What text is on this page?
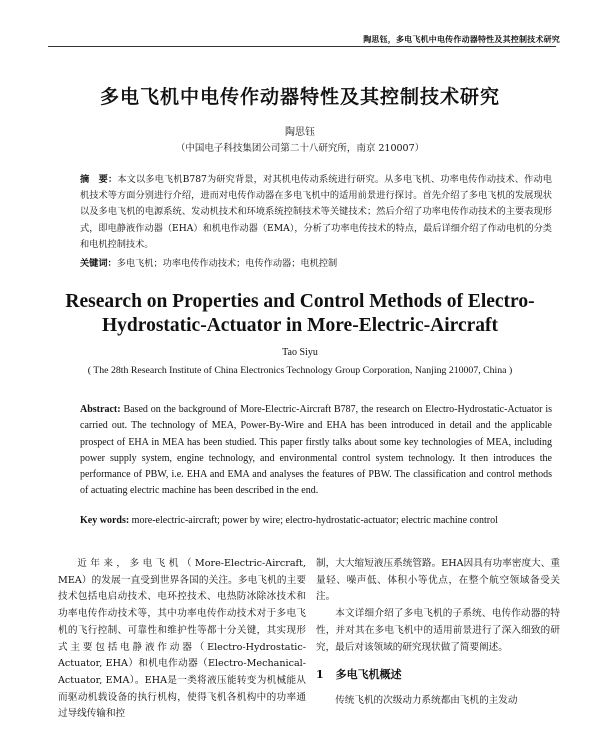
陶思钰，多电飞机中电传作动器特性及其控制技术研究
多电飞机中电传作动器特性及其控制技术研究
陶思钰
（中国电子科技集团公司第二十八研究所，南京 210007）
摘　要：本文以多电飞机B787为研究背景，对其机电传动系统进行研究。从多电飞机、功率电传作动技术、作动电机技术等方面分别进行介绍，进而对电传作动器在多电飞机中的适用前景进行探讨。首先介绍了多电飞机的发展现状以及多电飞机的电源系统、发动机技术和环境系统控制技术等关键技术；然后介绍了功率电传作动技术的主要表现形式，即电静液作动器（EHA）和机电作动器（EMA），分析了功率电传技术的特点，最后详细介绍了作动电机的分类和电机控制技术。
关键词：多电飞机；功率电传作动技术；电传作动器；电机控制
Research on Properties and Control Methods of Electro-Hydrostatic-Actuator in More-Electric-Aircraft
Tao Siyu
( The 28th Research Institute of China Electronics Technology Group Corporation, Nanjing 210007, China )
Abstract: Based on the background of More-Electric-Aircraft B787, the research on Electro-Hydrostatic-Actuator is carried out. The technology of MEA, Power-By-Wire and EHA has been introduced in detail and the applicable prospect of EHA in MEA has been studied. This paper firstly talks about some key technologies of MEA, including power supply system, engine technology, and environmental control system technology. It then introduces the performance of PBW, i.e. EHA and EMA and analyses the features of PBW. The classification and control methods of actuating electric machine has been described in the end.
Key words: more-electric-aircraft; power by wire; electro-hydrostatic-actuator; electric machine control

近年来，多电飞机（More-Electric-Aircraft, MEA）的发展一直受到世界各国的关注。多电飞机的主要技术包括电启动技术、电环控技术、电热防冰除冰技术和功率电传作动技术等，其中功率电传作动技术对于多电飞机的飞行控制、可靠性和维护性等都十分关键，其实现形式主要包括电静液作动器（Electro-Hydrostatic-Actuator, EHA）和机电作动器（Electro-Mechanical-Actuator, EMA）。EHA是一类将液压能转变为机械能从而驱动机载设备的执行机构，使得飞机各机构中的功率通过导线传输和控

制，大大缩短液压系统管路。EHA因具有功率密度大、重量轻、噪声低、体积小等优点，在整个航空领域备受关注。

本文详细介绍了多电飞机的子系统、电传作动器的特性，并对其在多电飞机中的适用前景进行了深入细致的研究，最后对该领域的研究现状做了简要阐述。

1 多电飞机概述

传统飞机的次级动力系统都由飞机的主发动
